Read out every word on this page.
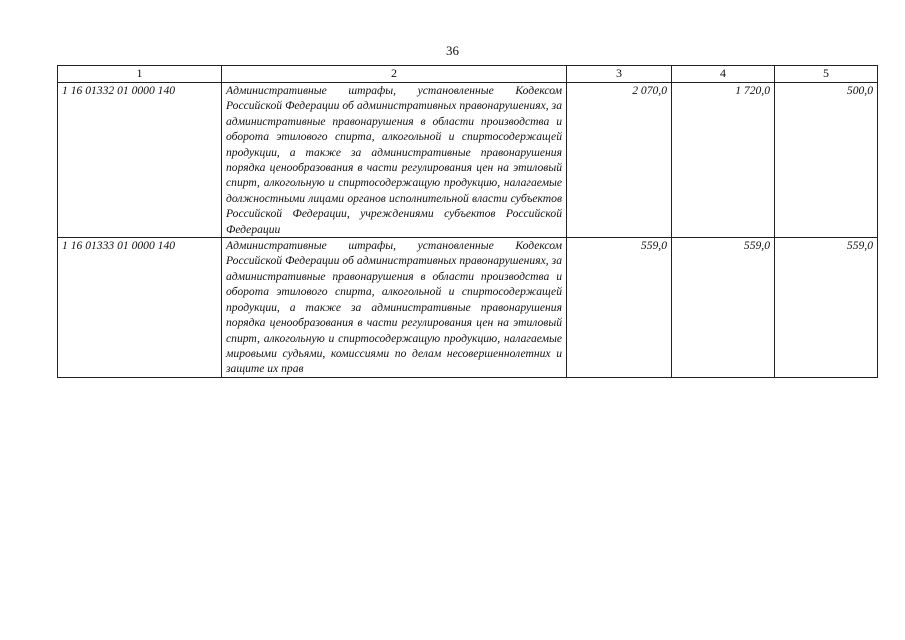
36
1	2	3	4	5
1 16 01332 01 0000 140	Административные штрафы, установленные Кодексом Российской Федерации об административных правонарушениях, за административные правонарушения в области производства и оборота этилового спирта, алкогольной и спиртосодержащей продукции, а также за административные правонарушения порядка ценообразования в части регулирования цен на этиловый спирт, алкогольную и спиртосодержащую продукцию, налагаемые должностными лицами органов исполнительной власти субъектов Российской Федерации, учреждениями субъектов Российской Федерации	2 070,0	1 720,0	500,0
1 16 01333 01 0000 140	Административные штрафы, установленные Кодексом Российской Федерации об административных правонарушениях, за административные правонарушения в области производства и оборота этилового спирта, алкогольной и спиртосодержащей продукции, а также за административные правонарушения порядка ценообразования в части регулирования цен на этиловый спирт, алкогольную и спиртосодержащую продукцию, налагаемые мировыми судьями, комиссиями по делам несовершеннолетних и защите их прав	559,0	559,0	559,0
